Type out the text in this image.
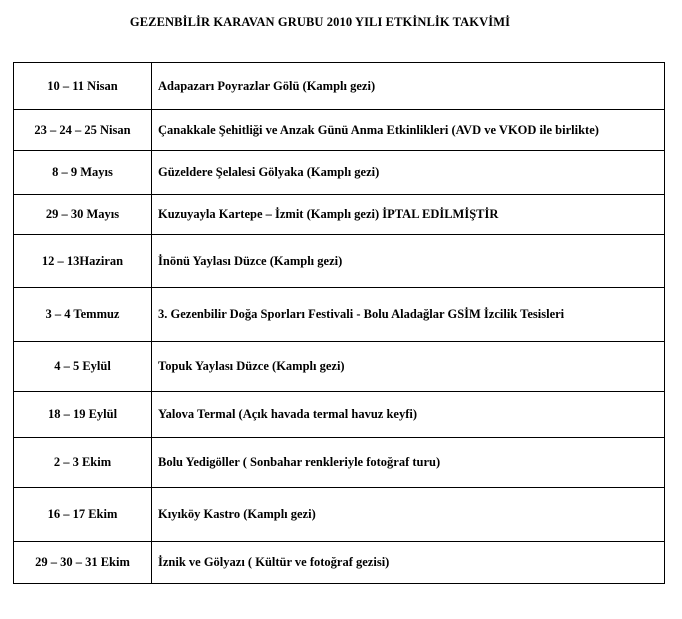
GEZENBİLİR KARAVAN GRUBU 2010 YILI ETKİNLİK TAKVİMİ
10 – 11 Nisan	Adapazarı Poyrazlar Gölü (Kamplı gezi)
23 – 24 – 25 Nisan	Çanakkale Şehitliği ve Anzak Günü Anma Etkinlikleri (AVD ve VKOD ile birlikte)
8 – 9 Mayıs	Güzeldere Şelalesi Gölyaka (Kamplı gezi)
29 – 30 Mayıs	Kuzuyayla Kartepe – İzmit (Kamplı gezi) İPTAL EDİLMİŞTİR
12 – 13Haziran	İnönü Yaylası Düzce (Kamplı gezi)
3 – 4 Temmuz	3. Gezenbilir Doğa Sporları Festivali - Bolu Aladağlar GSİM İzcilik Tesisleri
4 – 5 Eylül	Topuk Yaylası Düzce (Kamplı gezi)
18 – 19 Eylül	Yalova Termal (Açık havada termal havuz keyfi)
2 – 3 Ekim	Bolu Yedigöller ( Sonbahar renkleriyle fotoğraf turu)
16 – 17 Ekim	Kıyıköy Kastro (Kamplı gezi)
29 – 30 – 31 Ekim	İznik ve Gölyazı ( Kültür ve fotoğraf gezisi)
